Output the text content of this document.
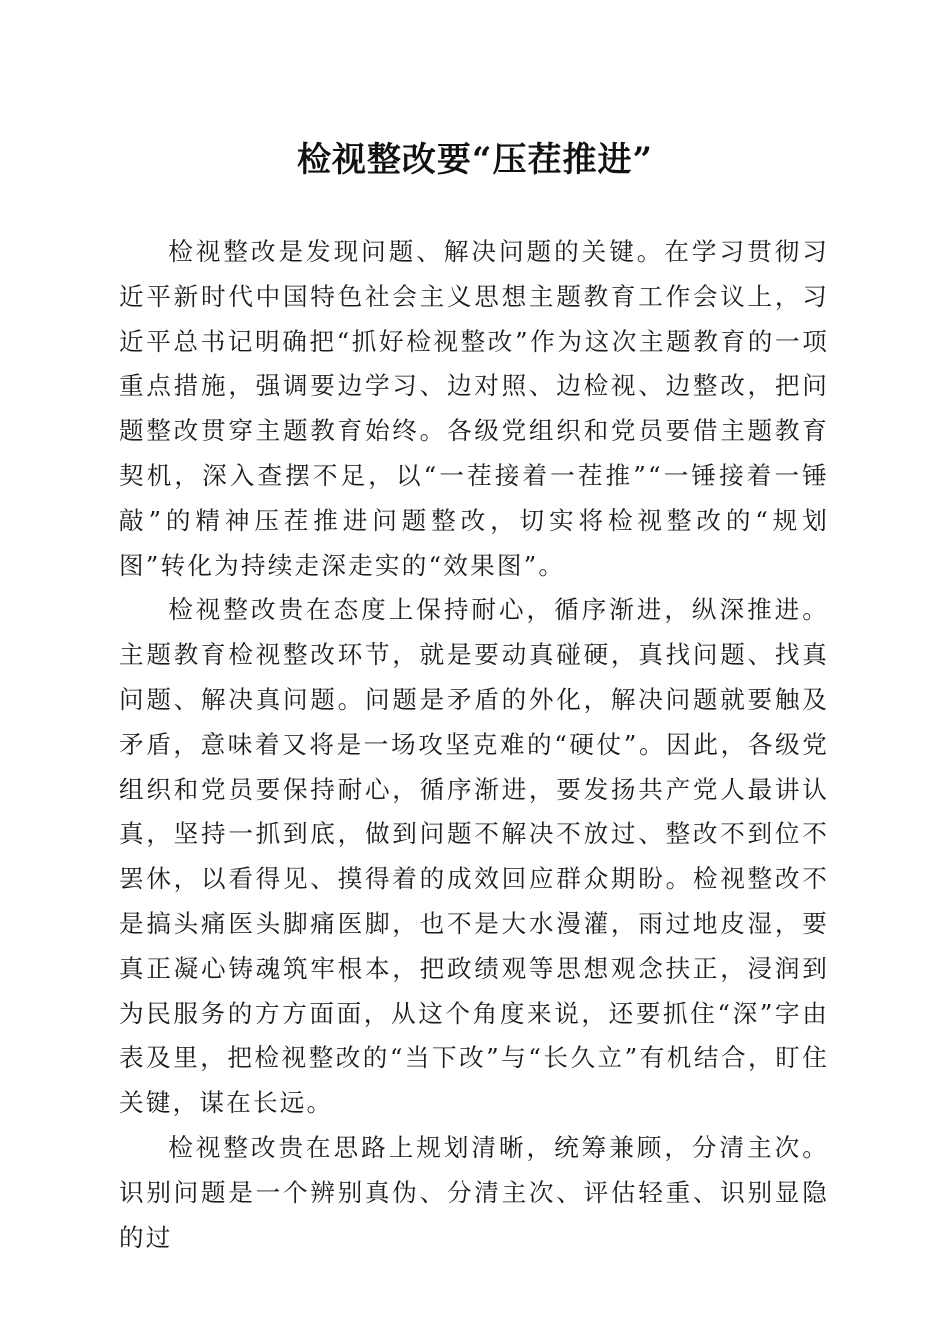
检视整改要“压茬推进”

检视整改是发现问题、解决问题的关键。在学习贯彻习近平新时代中国特色社会主义思想主题教育工作会议上，习近平总书记明确把“抓好检视整改”作为这次主题教育的一项重点措施，强调要边学习、边对照、边检视、边整改，把问题整改贯穿主题教育始终。各级党组织和党员要借主题教育契机，深入查摆不足，以“一茬接着一茬推”“一锤接着一锤敲”的精神压茬推进问题整改，切实将检视整改的“规划图”转化为持续走深走实的“效果图”。

检视整改贵在态度上保持耐心，循序渐进，纵深推进。主题教育检视整改环节，就是要动真碰硬，真找问题、找真问题、解决真问题。问题是矛盾的外化，解决问题就要触及矛盾，意味着又将是一场攻坚克难的“硬仗”。因此，各级党组织和党员要保持耐心，循序渐进，要发扬共产党人最讲认真，坚持一抓到底，做到问题不解决不放过、整改不到位不罢休，以看得见、摸得着的成效回应群众期盼。检视整改不是搞头痛医头脚痛医脚，也不是大水漫灌，雨过地皮湿，要真正凝心铸魂筑牢根本，把政绩观等思想观念扶正，浸润到为民服务的方方面面，从这个角度来说，还要抓住“深”字由表及里，把检视整改的“当下改”与“长久立”有机结合，盯住关键，谋在长远。

检视整改贵在思路上规划清晰，统筹兼顾，分清主次。识别问题是一个辨别真伪、分清主次、评估轻重、识别显隐的过
